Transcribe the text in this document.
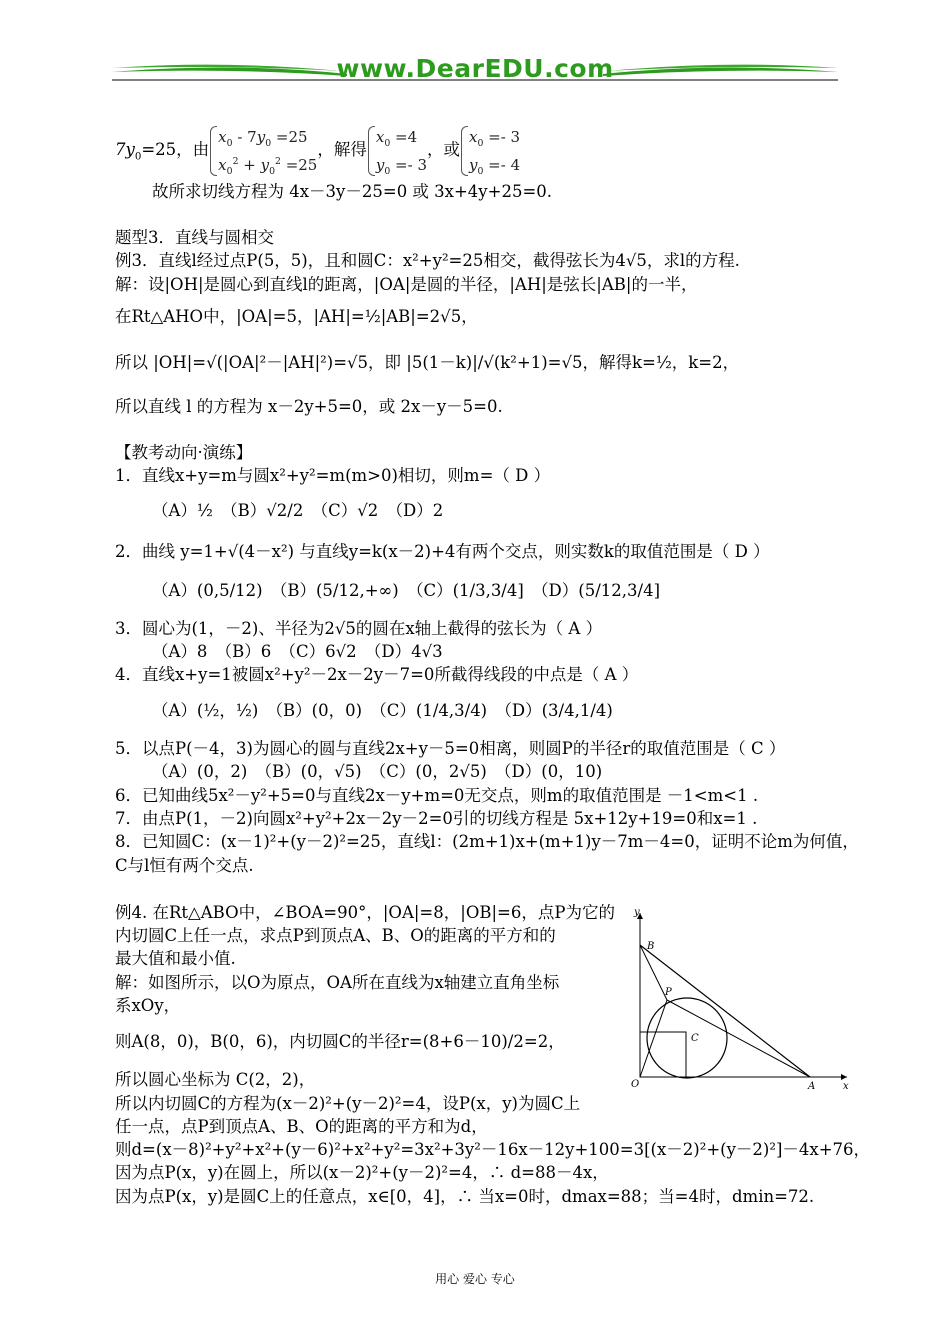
www.DearEDU.com
$7y_0=25$，由$x_0 - 7y_0 =25$
$x_0^2 + y_0^2 =25$，解得$x_0 =4$
$y_0 =- 3$，或$x_0 =- 3$
$y_0 =- 4$
故所求切线方程为 4x－3y－25=0 或 3x+4y+25=0.
题型3．直线与圆相交
例3．直线l经过点P(5，5)，且和圆C：x²+y²=25相交，截得弦长为4√5，求l的方程.
解：设|OH|是圆心到直线l的距离，|OA|是圆的半径，|AH|是弦长|AB|的一半，
在Rt△AHO中，|OA|=5，|AH|=½|AB|=2√5，
所以 |OH|=√(|OA|²－|AH|²)=√5，即 |5(1－k)|/√(k²+1)=√5，解得k=½，k=2，
所以直线 l 的方程为 x－2y+5=0，或 2x－y－5=0.
【教考动向·演练】
1．直线x+y=m与圆x²+y²=m(m>0)相切，则m=（ D ）
（A）½　（B）√2/2　（C）√2　（D）2
2．曲线 y=1+√(4－x²) 与直线y=k(x－2)+4有两个交点，则实数k的取值范围是（ D ）
（A）(0,5/12)　（B）(5/12,+∞)　（C）(1/3,3/4]　（D）(5/12,3/4]
3．圆心为(1，－2)、半径为2√5的圆在x轴上截得的弦长为（ A ）
（A）8　（B）6　（C）6√2　（D）4√3
4．直线x+y=1被圆x²+y²－2x－2y－7=0所截得线段的中点是（ A ）
（A）(½，½)　（B）(0，0)　（C）(1/4,3/4)　（D）(3/4,1/4)
5．以点P(－4，3)为圆心的圆与直线2x+y－5=0相离，则圆P的半径r的取值范围是（ C ）
（A）(0，2)　（B）(0，√5)　（C）(0，2√5)　（D）(0，10)
6．已知曲线5x²－y²+5=0与直线2x－y+m=0无交点，则m的取值范围是 －1<m<1 .
7．由点P(1，－2)向圆x²+y²+2x－2y－2=0引的切线方程是 5x+12y+19=0和x=1 .
8．已知圆C：(x－1)²+(y－2)²=25，直线l：(2m+1)x+(m+1)y－7m－4=0，证明不论m为何值，
C与l恒有两个交点.
例4. 在Rt△ABO中，∠BOA=90°，|OA|=8，|OB|=6，点P为它的
内切圆C上任一点，求点P到顶点A、B、O的距离的平方和的
最大值和最小值.
解：如图所示，以O为原点，OA所在直线为x轴建立直角坐标
系xOy，
则A(8，0)，B(0，6)，内切圆C的半径r=(8+6－10)/2=2，
所以圆心坐标为 C(2，2)，
所以内切圆C的方程为(x－2)²+(y－2)²=4，设P(x，y)为圆C上
任一点，点P到顶点A、B、O的距离的平方和为d，
则d=(x－8)²+y²+x²+(y－6)²+x²+y²=3x²+3y²－16x－12y+100=3[(x－2)²+(y－2)²]－4x+76，
因为点P(x，y)在圆上，所以(x－2)²+(y－2)²=4，∴ d=88－4x，
因为点P(x，y)是圆C上的任意点，x∈[0，4]，∴ 当x=0时，dmax=88；当=4时，dmin=72.
y
B
P
C
O	A	x
用心 爱心 专心
